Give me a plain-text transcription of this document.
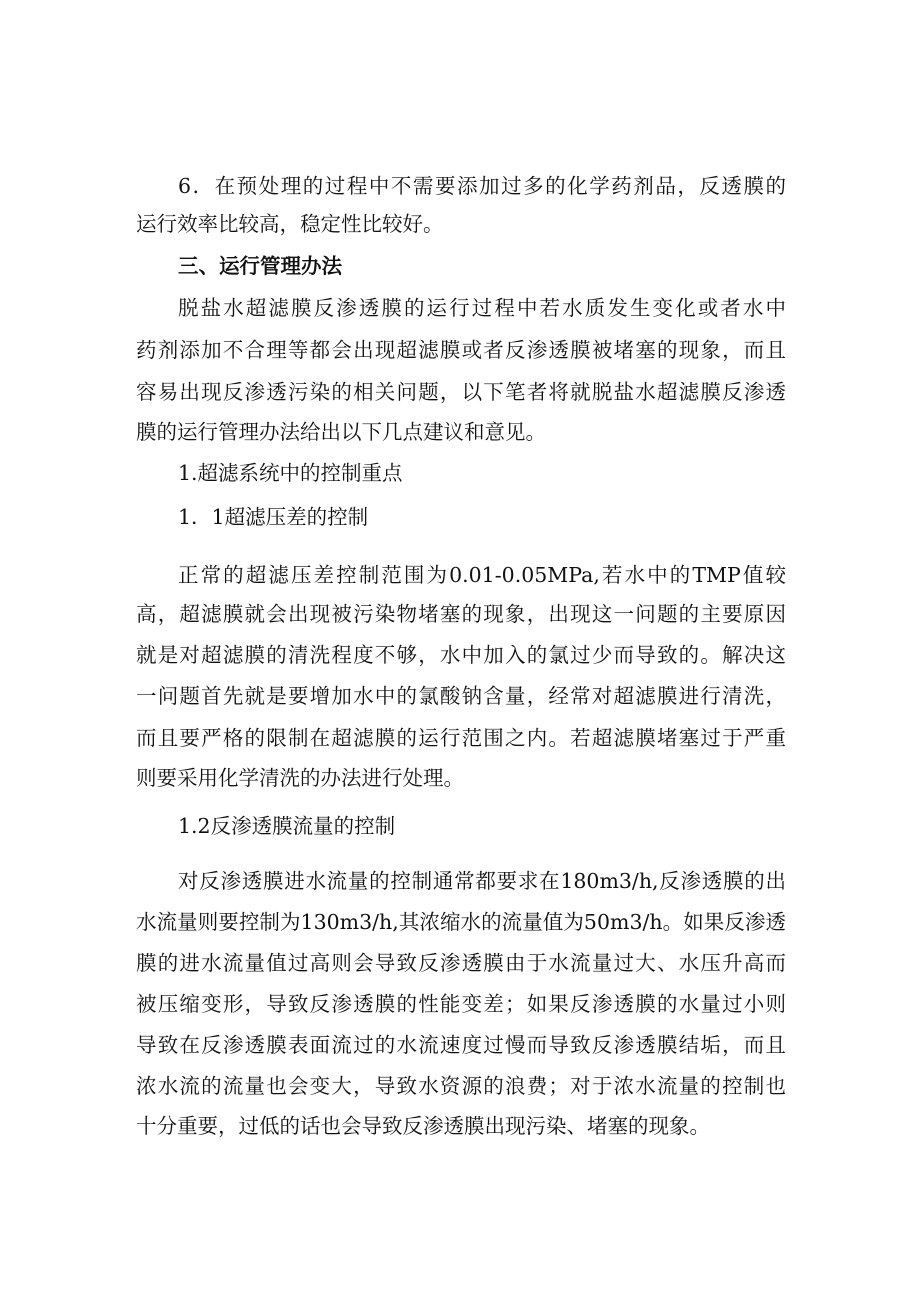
6．在预处理的过程中不需要添加过多的化学药剂品，反透膜的
运行效率比较高，稳定性比较好。
三、运行管理办法
脱盐水超滤膜反渗透膜的运行过程中若水质发生变化或者水中
药剂添加不合理等都会出现超滤膜或者反渗透膜被堵塞的现象，而且
容易出现反渗透污染的相关问题，以下笔者将就脱盐水超滤膜反渗透
膜的运行管理办法给出以下几点建议和意见。
1.超滤系统中的控制重点
1．1超滤压差的控制
正常的超滤压差控制范围为0.01-0.05MPa,若水中的TMP值较
高，超滤膜就会出现被污染物堵塞的现象，出现这一问题的主要原因
就是对超滤膜的清洗程度不够，水中加入的氯过少而导致的。解决这
一问题首先就是要增加水中的氯酸钠含量，经常对超滤膜进行清洗，
而且要严格的限制在超滤膜的运行范围之内。若超滤膜堵塞过于严重
则要采用化学清洗的办法进行处理。
1.2反渗透膜流量的控制
对反渗透膜进水流量的控制通常都要求在180m3∕h,反渗透膜的出
水流量则要控制为130m3∕h,其浓缩水的流量值为50m3∕h。如果反渗透
膜的进水流量值过高则会导致反渗透膜由于水流量过大、水压升高而
被压缩变形，导致反渗透膜的性能变差；如果反渗透膜的水量过小则
导致在反渗透膜表面流过的水流速度过慢而导致反渗透膜结垢，而且
浓水流的流量也会变大，导致水资源的浪费；对于浓水流量的控制也
十分重要，过低的话也会导致反渗透膜出现污染、堵塞的现象。
